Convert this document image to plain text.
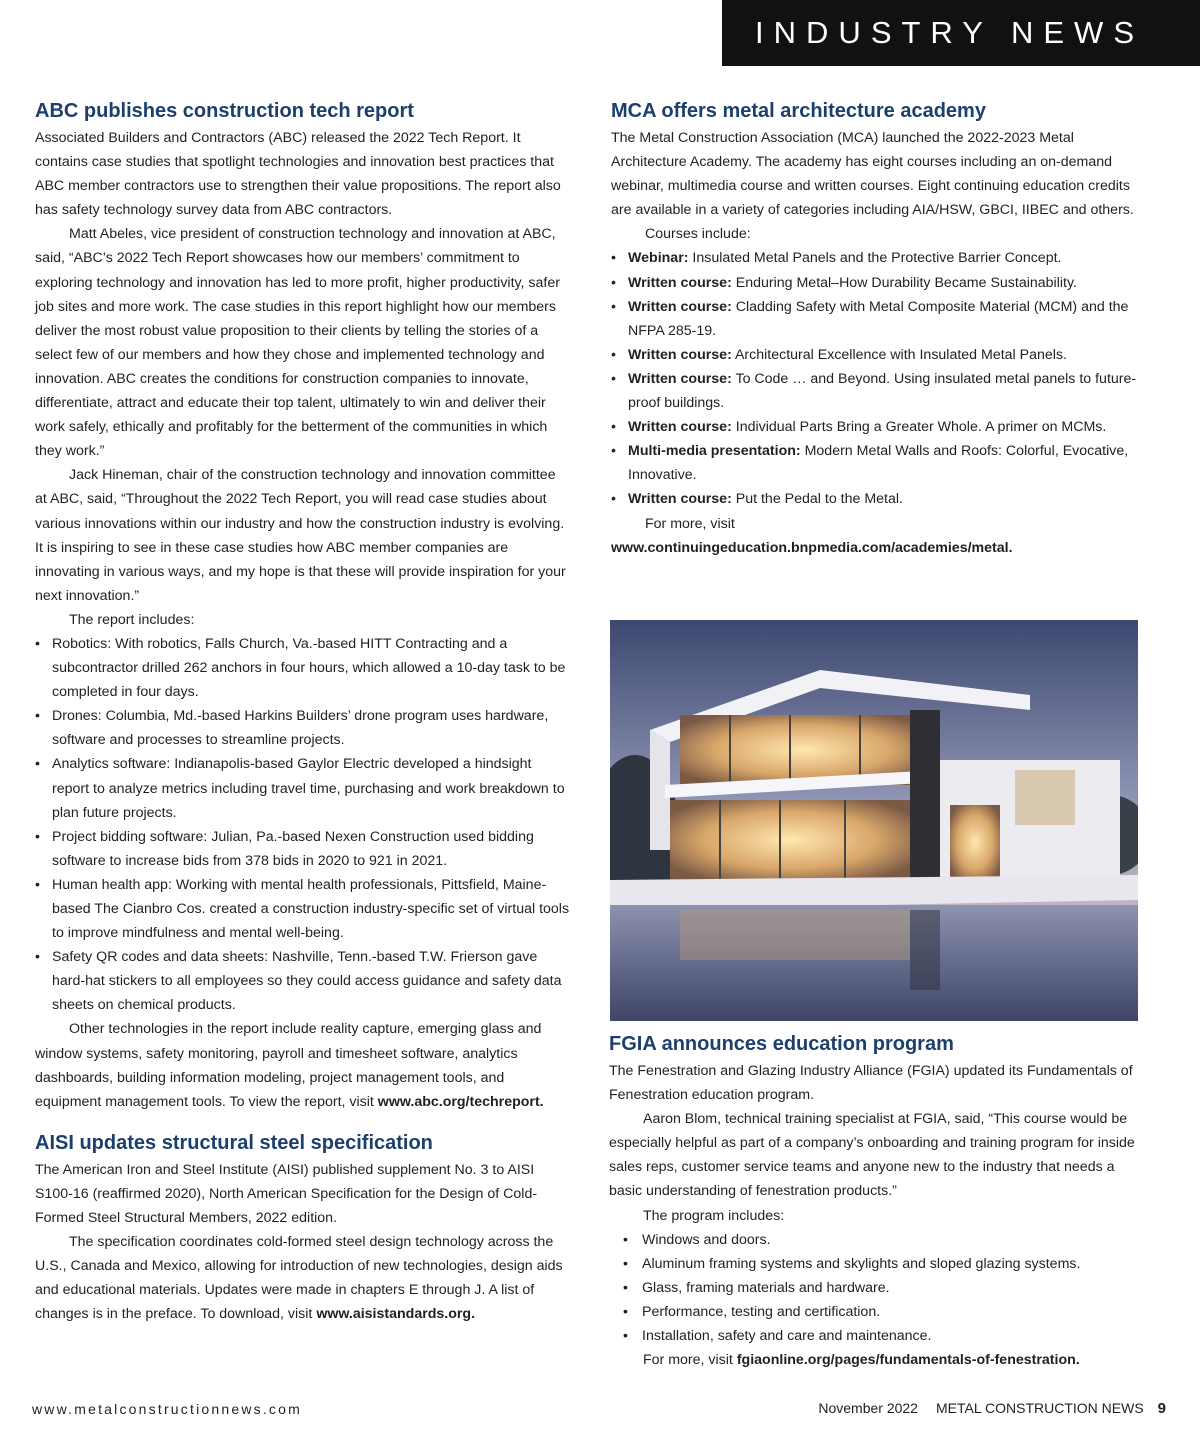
INDUSTRY NEWS
ABC publishes construction tech report

Associated Builders and Contractors (ABC) released the 2022 Tech Report. It contains case studies that spotlight technologies and innovation best practices that ABC member contractors use to strengthen their value propositions. The report also has safety technology survey data from ABC contractors.

Matt Abeles, vice president of construction technology and innovation at ABC, said, “ABC’s 2022 Tech Report showcases how our members’ commitment to exploring technology and innovation has led to more profit, higher productivity, safer job sites and more work. The case studies in this report highlight how our members deliver the most robust value proposition to their clients by telling the stories of a select few of our members and how they chose and implemented technology and innovation. ABC creates the conditions for construction companies to innovate, differentiate, attract and educate their top talent, ultimately to win and deliver their work safely, ethically and profitably for the betterment of the communities in which they work.”

Jack Hineman, chair of the construction technology and innovation committee at ABC, said, “Throughout the 2022 Tech Report, you will read case studies about various innovations within our industry and how the construction industry is evolving. It is inspiring to see in these case studies how ABC member companies are innovating in various ways, and my hope is that these will provide inspiration for your next innovation.”

The report includes:

• Robotics: With robotics, Falls Church, Va.-based HITT Contracting and a subcontractor drilled 262 anchors in four hours, which allowed a 10-day task to be completed in four days.
• Drones: Columbia, Md.-based Harkins Builders’ drone program uses hardware, software and processes to streamline projects.
• Analytics software: Indianapolis-based Gaylor Electric developed a hindsight report to analyze metrics including travel time, purchasing and work breakdown to plan future projects.
• Project bidding software: Julian, Pa.-based Nexen Construction used bidding software to increase bids from 378 bids in 2020 to 921 in 2021.
• Human health app: Working with mental health professionals, Pittsfield, Maine-based The Cianbro Cos. created a construction industry-specific set of virtual tools to improve mindfulness and mental well-being.
• Safety QR codes and data sheets: Nashville, Tenn.-based T.W. Frierson gave hard-hat stickers to all employees so they could access guidance and safety data sheets on chemical products.

Other technologies in the report include reality capture, emerging glass and window systems, safety monitoring, payroll and timesheet software, analytics dashboards, building information modeling, project management tools, and equipment management tools. To view the report, visit www.abc.org/techreport.

AISI updates structural steel specification

The American Iron and Steel Institute (AISI) published supplement No. 3 to AISI S100-16 (reaffirmed 2020), North American Specification for the Design of Cold-Formed Steel Structural Members, 2022 edition.

The specification coordinates cold-formed steel design technology across the U.S., Canada and Mexico, allowing for introduction of new technologies, design aids and educational materials. Updates were made in chapters E through J. A list of changes is in the preface. To download, visit www.aisistandards.org.

MCA offers metal architecture academy

The Metal Construction Association (MCA) launched the 2022-2023 Metal Architecture Academy. The academy has eight courses including an on-demand webinar, multimedia course and written courses. Eight continuing education credits are available in a variety of categories including AIA/HSW, GBCI, IIBEC and others.

Courses include:

• Webinar: Insulated Metal Panels and the Protective Barrier Concept.
• Written course: Enduring Metal–How Durability Became Sustainability.
• Written course: Cladding Safety with Metal Composite Material (MCM) and the NFPA 285-19.
• Written course: Architectural Excellence with Insulated Metal Panels.
• Written course: To Code … and Beyond. Using insulated metal panels to future-proof buildings.
• Written course: Individual Parts Bring a Greater Whole. A primer on MCMs.
• Multi-media presentation: Modern Metal Walls and Roofs: Colorful, Evocative, Innovative.
• Written course: Put the Pedal to the Metal.

For more, visit www.continuingeducation.bnpmedia.com/academies/metal.

FGIA announces education program

The Fenestration and Glazing Industry Alliance (FGIA) updated its Fundamentals of Fenestration education program.

Aaron Blom, technical training specialist at FGIA, said, “This course would be especially helpful as part of a company’s onboarding and training program for inside sales reps, customer service teams and anyone new to the industry that needs a basic understanding of fenestration products.”

The program includes:

• Windows and doors.
• Aluminum framing systems and skylights and sloped glazing systems.
• Glass, framing materials and hardware.
• Performance, testing and certification.
• Installation, safety and care and maintenance.

For more, visit fgiaonline.org/pages/fundamentals-of-fenestration.

www.metalconstructionnews.com	November 2022 METAL CONSTRUCTION NEWS 9
